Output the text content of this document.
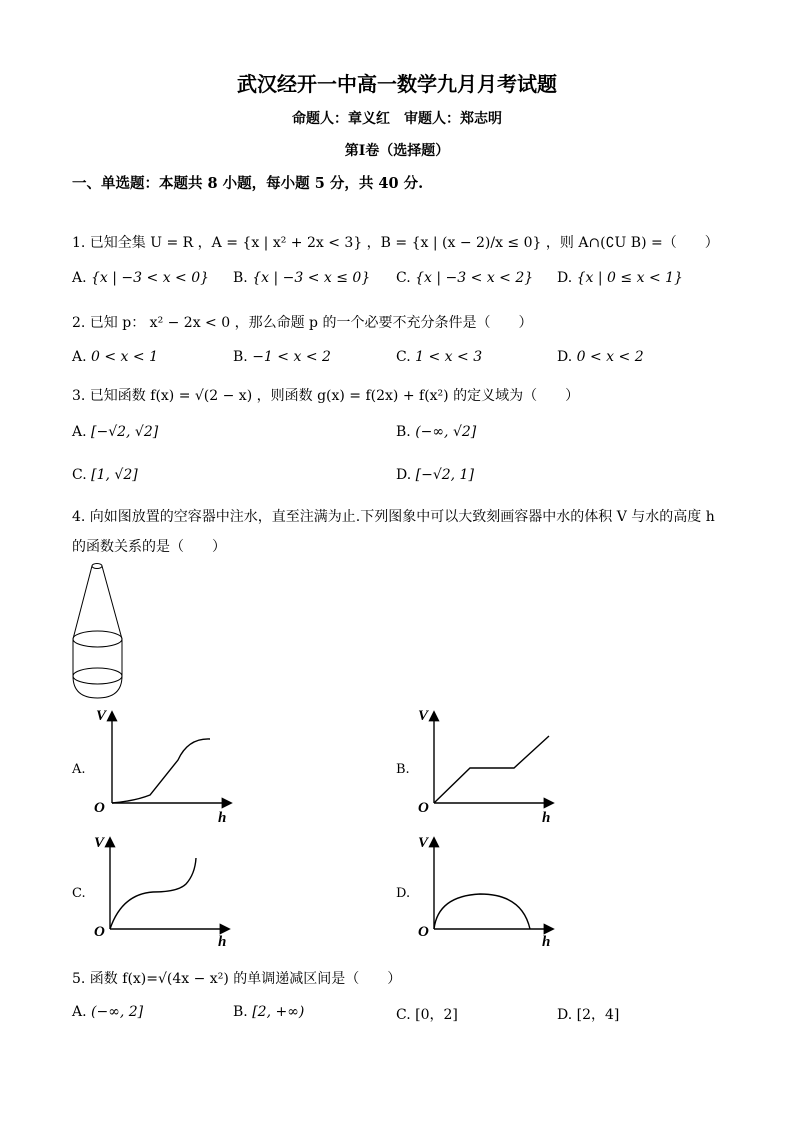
武汉经开一中高一数学九月月考试题
命题人：章义红　审题人：郑志明
第Ⅰ卷（选择题）
一、单选题：本题共 8 小题，每小题 5 分，共 40 分.
1. 已知全集 U = R ，A = {x | x² + 2x < 3} ，B = {x | (x − 2)/x ≤ 0} ，则 A∩(∁U B) =（　　）
A. {x | −3 < x < 0} B. {x | −3 < x ≤ 0} C. {x | −3 < x < 2} D. {x | 0 ≤ x < 1}
2. 已知 p： x² − 2x < 0 ，那么命题 p 的一个必要不充分条件是（　　）
A. 0 < x < 1	B. −1 < x < 2	C. 1 < x < 3	D. 0 < x < 2
3. 已知函数 f(x) = √(2 − x) ，则函数 g(x) = f(2x) + f(x²) 的定义域为（　　）
A. [−√2, √2]	B. (−∞, √2]
C. [1, √2]	D. [−√2, 1]
4. 向如图放置的空容器中注水，直至注满为止.下列图象中可以大致刻画容器中水的体积 V 与水的高度 h
的函数关系的是（　　）
A.
V
O
h
B.
V
O
h
C.
V
O
h
D.
V
O
h
5. 函数 f(x)=√(4x − x²) 的单调递减区间是（　　）
A. (−∞, 2]	B. [2, +∞)	C. [0，2]	D. [2，4]
